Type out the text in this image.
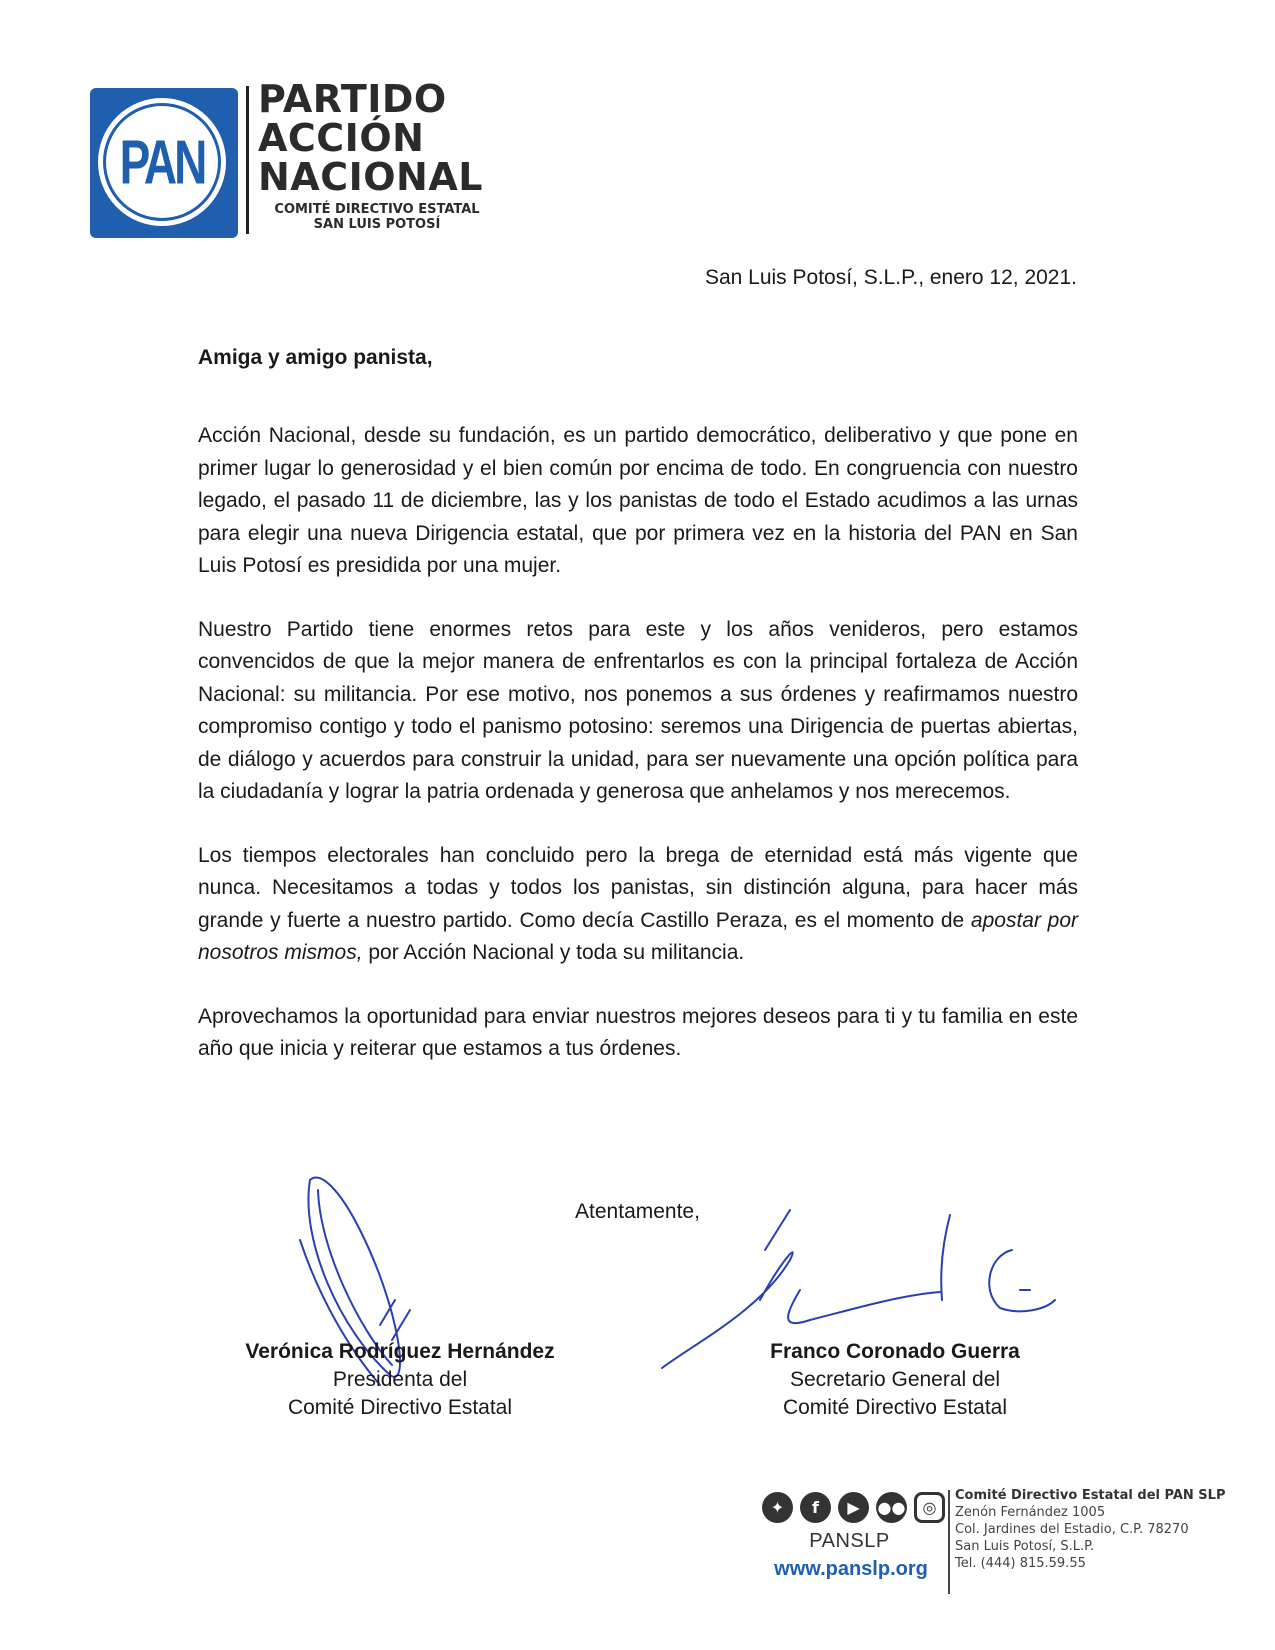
PAN
PARTIDO
ACCIÓN
NACIONAL
COMITÉ DIRECTIVO ESTATAL
SAN LUIS POTOSÍ
San Luis Potosí, S.L.P., enero 12, 2021.
Amiga y amigo panista,

Acción Nacional, desde su fundación, es un partido democrático, deliberativo y que pone en primer lugar lo generosidad y el bien común por encima de todo. En congruencia con nuestro legado, el pasado 11 de diciembre, las y los panistas de todo el Estado acudimos a las urnas para elegir una nueva Dirigencia estatal, que por primera vez en la historia del PAN en San Luis Potosí es presidida por una mujer.

Nuestro Partido tiene enormes retos para este y los años venideros, pero estamos convencidos de que la mejor manera de enfrentarlos es con la principal fortaleza de Acción Nacional: su militancia. Por ese motivo, nos ponemos a sus órdenes y reafirmamos nuestro compromiso contigo y todo el panismo potosino: seremos una Dirigencia de puertas abiertas, de diálogo y acuerdos para construir la unidad, para ser nuevamente una opción política para la ciudadanía y lograr la patria ordenada y generosa que anhelamos y nos merecemos.

Los tiempos electorales han concluido pero la brega de eternidad está más vigente que nunca. Necesitamos a todas y todos los panistas, sin distinción alguna, para hacer más grande y fuerte a nuestro partido. Como decía Castillo Peraza, es el momento de apostar por nosotros mismos, por Acción Nacional y toda su militancia.

Aprovechamos la oportunidad para enviar nuestros mejores deseos para ti y tu familia en este año que inicia y reiterar que estamos a tus órdenes.

Atentamente,
Verónica Rodríguez Hernández
Presidenta del
Comité Directivo Estatal
Franco Coronado Guerra
Secretario General del
Comité Directivo Estatal
✦	f	▶	●●	◎
PANSLP
www.panslp.org
Comité Directivo Estatal del PAN SLP
Zenón Fernández 1005
Col. Jardines del Estadio, C.P. 78270
San Luis Potosí, S.L.P.
Tel. (444) 815.59.55
